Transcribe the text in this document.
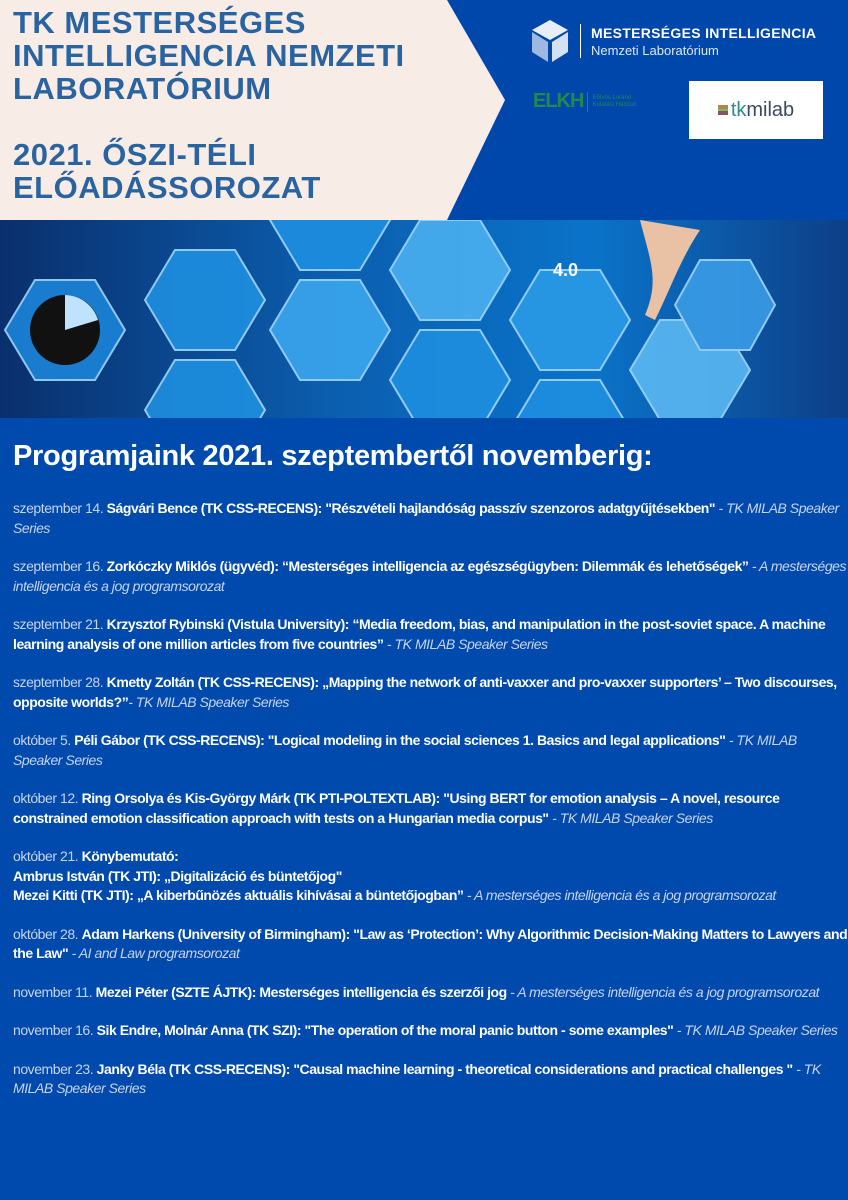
TK MESTERSÉGES
INTELLIGENCIA NEMZETI
LABORATÓRIUM
2021. ŐSZI-TÉLI
ELŐADÁSSOROZAT
MESTERSÉGES INTELLIGENCIA
Nemzeti Laboratórium
ELKH Eötvös Loránd
Kutatási Hálózat	tk milab
4.0
Programjaink 2021. szeptembertől novemberig:
szeptember 14. Ságvári Bence (TK CSS-RECENS): "Részvételi hajlandóság passzív szenzoros adatgyűjtésekben" - TK MILAB Speaker Series
szeptember 16. Zorkóczky Miklós (ügyvéd): “Mesterséges intelligencia az egészségügyben: Dilemmák és lehetőségek” - A mesterséges intelligencia és a jog programsorozat
szeptember 21. Krzysztof Rybinski (Vistula University): “Media freedom, bias, and manipulation in the post-soviet space. A machine learning analysis of one million articles from five countries” - TK MILAB Speaker Series
szeptember 28. Kmetty Zoltán (TK CSS-RECENS): „Mapping the network of anti-vaxxer and pro-vaxxer supporters’ – Two discourses, opposite worlds?”- TK MILAB Speaker Series
október 5. Péli Gábor (TK CSS-RECENS): "Logical modeling in the social sciences 1. Basics and legal applications" - TK MILAB Speaker Series
október 12. Ring Orsolya és Kis-György Márk (TK PTI-POLTEXTLAB): "Using BERT for emotion analysis – A novel, resource constrained emotion classification approach with tests on a Hungarian media corpus" - TK MILAB Speaker Series
október 21. Könybemutató:
Ambrus István (TK JTI): „Digitalizáció és büntetőjog"
Mezei Kitti (TK JTI): „A kiberbűnözés aktuális kihívásai a büntetőjogban” - A mesterséges intelligencia és a jog programsorozat
október 28. Adam Harkens (University of Birmingham): "Law as ‘Protection’: Why Algorithmic Decision-Making Matters to Lawyers and the Law" - AI and Law programsorozat
november 11. Mezei Péter (SZTE ÁJTK): Mesterséges intelligencia és szerzői jog - A mesterséges intelligencia és a jog programsorozat
november 16. Sik Endre, Molnár Anna (TK SZI): "The operation of the moral panic button - some examples" - TK MILAB Speaker Series
november 23. Janky Béla (TK CSS-RECENS): "Causal machine learning - theoretical considerations and practical challenges " - TK MILAB Speaker Series
